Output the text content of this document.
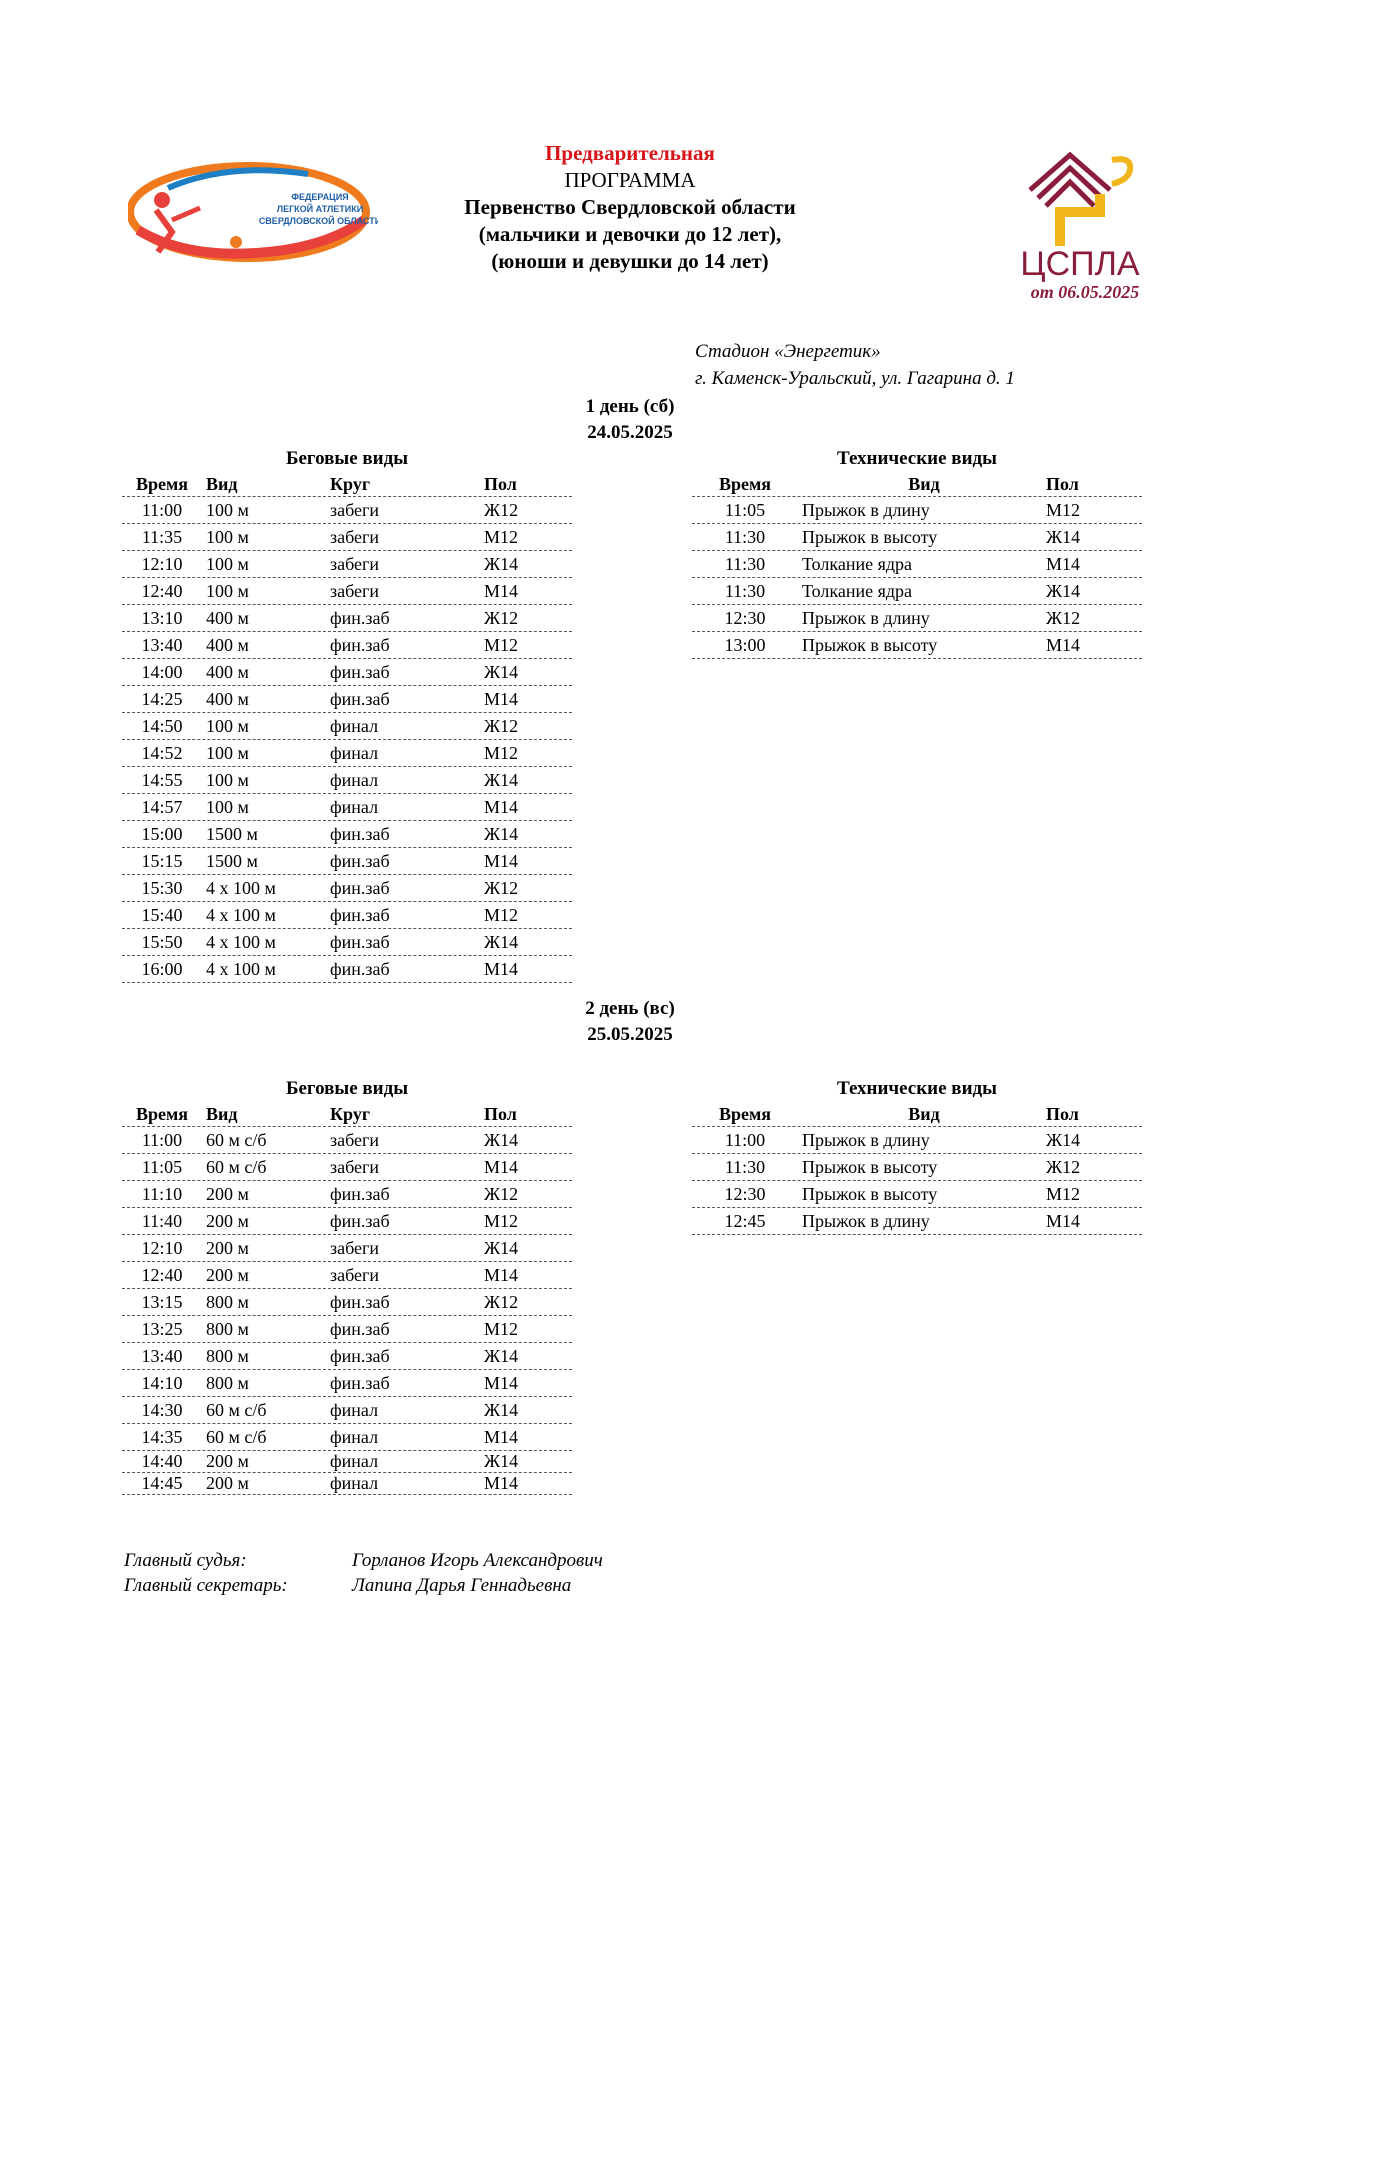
ФЕДЕРАЦИЯ
ЛЕГКОЙ АТЛЕТИКИ
СВЕРДЛОВСКОЙ ОБЛАСТИ
Предварительная
ПРОГРАММА
Первенство Свердловской области
(мальчики и девочки до 12 лет),
(юноши и девушки до 14 лет)	ЦСПЛА
от 06.05.2025
Стадион «Энергетик»
г. Каменск-Уральский, ул. Гагарина д. 1
1 день (сб)
24.05.2025
Беговые виды
Время	Вид	Круг	Пол
11:00	100 м	забеги	Ж12
11:35	100 м	забеги	М12
12:10	100 м	забеги	Ж14
12:40	100 м	забеги	М14
13:10	400 м	фин.заб	Ж12
13:40	400 м	фин.заб	М12
14:00	400 м	фин.заб	Ж14
14:25	400 м	фин.заб	М14
14:50	100 м	финал	Ж12
14:52	100 м	финал	М12
14:55	100 м	финал	Ж14
14:57	100 м	финал	М14
15:00	1500 м	фин.заб	Ж14
15:15	1500 м	фин.заб	М14
15:30	4 х 100 м	фин.заб	Ж12
15:40	4 х 100 м	фин.заб	М12
15:50	4 х 100 м	фин.заб	Ж14
16:00	4 х 100 м	фин.заб	М14
Технические виды
Время	Вид	Пол
11:05	Прыжок в длину	М12
11:30	Прыжок в высоту	Ж14
11:30	Толкание ядра	М14
11:30	Толкание ядра	Ж14
12:30	Прыжок в длину	Ж12
13:00	Прыжок в высоту	М14
2 день (вс)
25.05.2025
Беговые виды
Время	Вид	Круг	Пол
11:00	60 м с/б	забеги	Ж14
11:05	60 м с/б	забеги	М14
11:10	200 м	фин.заб	Ж12
11:40	200 м	фин.заб	М12
12:10	200 м	забеги	Ж14
12:40	200 м	забеги	М14
13:15	800 м	фин.заб	Ж12
13:25	800 м	фин.заб	М12
13:40	800 м	фин.заб	Ж14
14:10	800 м	фин.заб	М14
14:30	60 м с/б	финал	Ж14
14:35	60 м с/б	финал	М14
14:40	200 м	финал	Ж14
14:45	200 м	финал	М14
Технические виды
Время	Вид	Пол
11:00	Прыжок в длину	Ж14
11:30	Прыжок в высоту	Ж12
12:30	Прыжок в высоту	М12
12:45	Прыжок в длину	М14
Главный судья:	Горланов Игорь Александрович
Главный секретарь:	Лапина Дарья Геннадьевна
